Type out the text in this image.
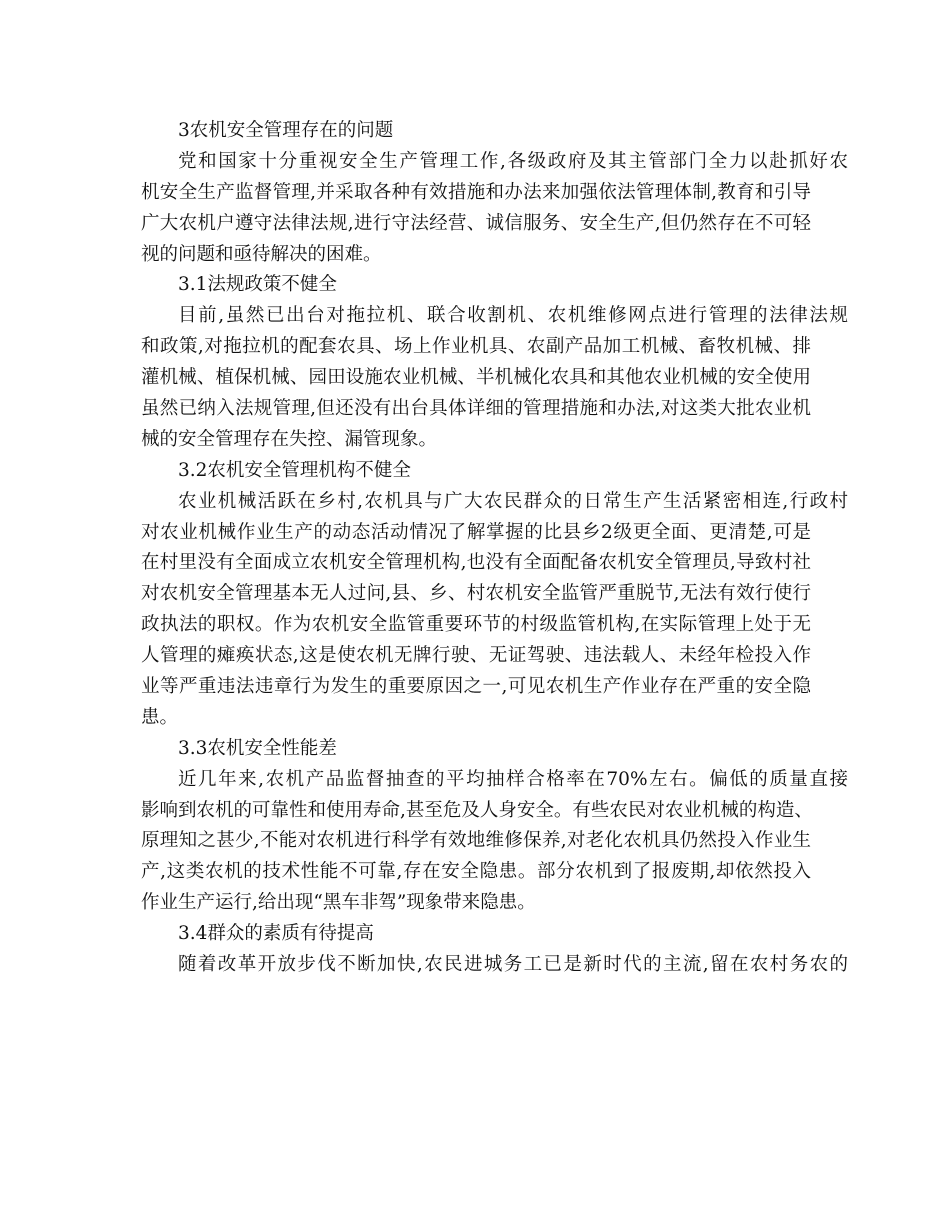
3农机安全管理存在的问题
党和国家十分重视安全生产管理工作,各级政府及其主管部门全力以赴抓好农
机安全生产监督管理,并采取各种有效措施和办法来加强依法管理体制,教育和引导
广大农机户遵守法律法规,进行守法经营、诚信服务、安全生产,但仍然存在不可轻
视的问题和亟待解决的困难。
3.1法规政策不健全
目前,虽然已出台对拖拉机、联合收割机、农机维修网点进行管理的法律法规
和政策,对拖拉机的配套农具、场上作业机具、农副产品加工机械、畜牧机械、排
灌机械、植保机械、园田设施农业机械、半机械化农具和其他农业机械的安全使用
虽然已纳入法规管理,但还没有出台具体详细的管理措施和办法,对这类大批农业机
械的安全管理存在失控、漏管现象。
3.2农机安全管理机构不健全
农业机械活跃在乡村,农机具与广大农民群众的日常生产生活紧密相连,行政村
对农业机械作业生产的动态活动情况了解掌握的比县乡2级更全面、更清楚,可是
在村里没有全面成立农机安全管理机构,也没有全面配备农机安全管理员,导致村社
对农机安全管理基本无人过问,县、乡、村农机安全监管严重脱节,无法有效行使行
政执法的职权。作为农机安全监管重要环节的村级监管机构,在实际管理上处于无
人管理的瘫痪状态,这是使农机无牌行驶、无证驾驶、违法载人、未经年检投入作
业等严重违法违章行为发生的重要原因之一,可见农机生产作业存在严重的安全隐
患。
3.3农机安全性能差
近几年来,农机产品监督抽查的平均抽样合格率在70%左右。偏低的质量直接
影响到农机的可靠性和使用寿命,甚至危及人身安全。有些农民对农业机械的构造、
原理知之甚少,不能对农机进行科学有效地维修保养,对老化农机具仍然投入作业生
产,这类农机的技术性能不可靠,存在安全隐患。部分农机到了报废期,却依然投入
作业生产运行,给出现“黑车非驾”现象带来隐患。
3.4群众的素质有待提高
随着改革开放步伐不断加快,农民进城务工已是新时代的主流,留在农村务农的
